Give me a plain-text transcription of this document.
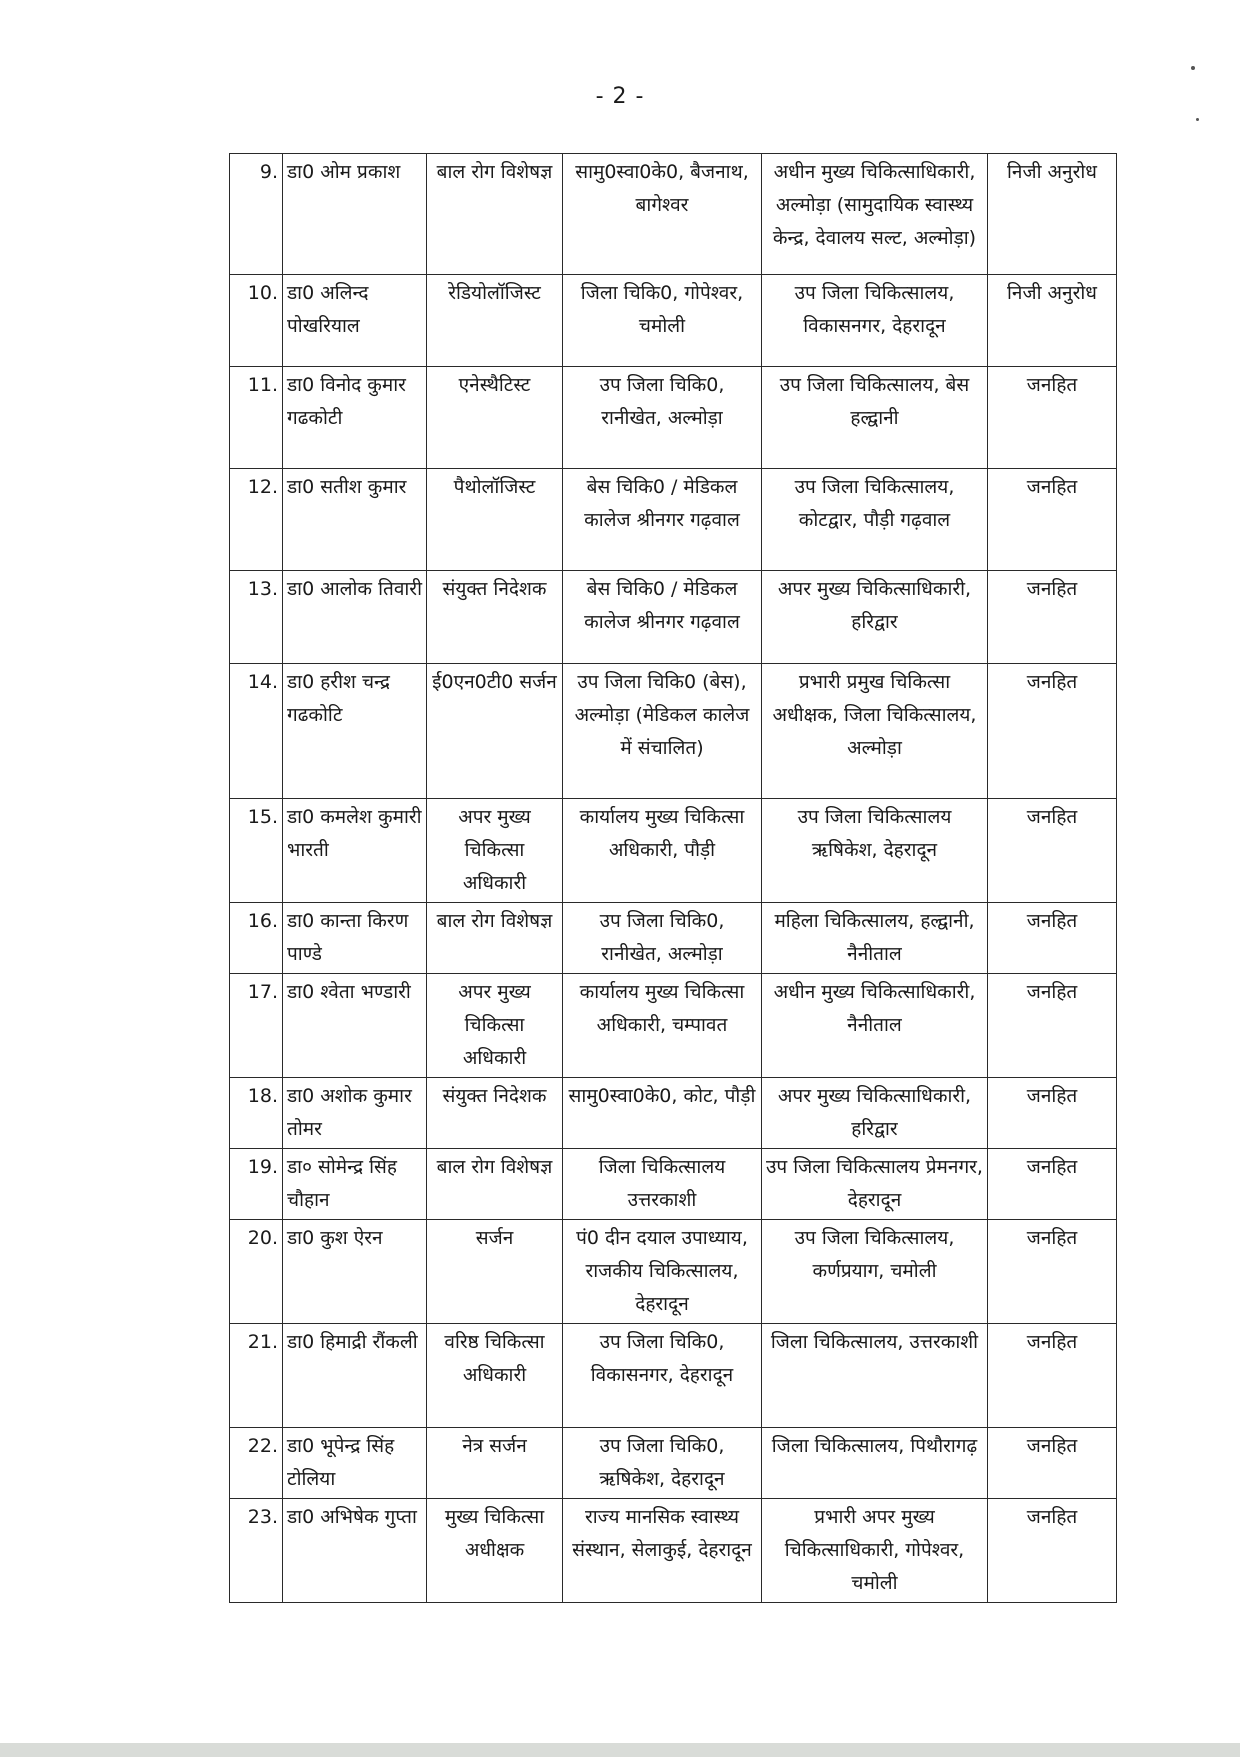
- 2 -
9.	डा0 ओम प्रकाश	बाल रोग विशेषज्ञ	सामु0स्वा0के0, बैजनाथ, बागेश्वर	अधीन मुख्य चिकित्साधिकारी, अल्मोड़ा (सामुदायिक स्वास्थ्य केन्द्र, देवालय सल्ट, अल्मोड़ा)	निजी अनुरोध
10.	डा0 अलिन्द पोखरियाल	रेडियोलॉजिस्ट	जिला चिकि0, गोपेश्वर, चमोली	उप जिला चिकित्सालय, विकासनगर, देहरादून	निजी अनुरोध
11.	डा0 विनोद कुमार गढकोटी	एनेस्थैटिस्ट	उप जिला चिकि0, रानीखेत, अल्मोड़ा	उप जिला चिकित्सालय, बेस हल्द्वानी	जनहित
12.	डा0 सतीश कुमार	पैथोलॉजिस्ट	बेस चिकि0 / मेडिकल कालेज श्रीनगर गढ़वाल	उप जिला चिकित्सालय, कोटद्वार, पौड़ी गढ़वाल	जनहित
13.	डा0 आलोक तिवारी	संयुक्त निदेशक	बेस चिकि0 / मेडिकल कालेज श्रीनगर गढ़वाल	अपर मुख्य चिकित्साधिकारी, हरिद्वार	जनहित
14.	डा0 हरीश चन्द्र गढकोटि	ई0एन0टी0 सर्जन	उप जिला चिकि0 (बेस), अल्मोड़ा (मेडिकल कालेज में संचालित)	प्रभारी प्रमुख चिकित्सा अधीक्षक, जिला चिकित्सालय, अल्मोड़ा	जनहित
15.	डा0 कमलेश कुमारी भारती	अपर मुख्य चिकित्सा अधिकारी	कार्यालय मुख्य चिकित्सा अधिकारी, पौड़ी	उप जिला चिकित्सालय ऋषिकेश, देहरादून	जनहित
16.	डा0 कान्ता किरण पाण्डे	बाल रोग विशेषज्ञ	उप जिला चिकि0, रानीखेत, अल्मोड़ा	महिला चिकित्सालय, हल्द्वानी, नैनीताल	जनहित
17.	डा0 श्वेता भण्डारी	अपर मुख्य चिकित्सा अधिकारी	कार्यालय मुख्य चिकित्सा अधिकारी, चम्पावत	अधीन मुख्य चिकित्साधिकारी, नैनीताल	जनहित
18.	डा0 अशोक कुमार तोमर	संयुक्त निदेशक	सामु0स्वा0के0, कोट, पौड़ी	अपर मुख्य चिकित्साधिकारी, हरिद्वार	जनहित
19.	डा० सोमेन्द्र सिंह चौहान	बाल रोग विशेषज्ञ	जिला चिकित्सालय उत्तरकाशी	उप जिला चिकित्सालय प्रेमनगर, देहरादून	जनहित
20.	डा0 कुश ऐरन	सर्जन	पं0 दीन दयाल उपाध्याय, राजकीय चिकित्सालय, देहरादून	उप जिला चिकित्सालय, कर्णप्रयाग, चमोली	जनहित
21.	डा0 हिमाद्री रौंकली	वरिष्ठ चिकित्सा अधिकारी	उप जिला चिकि0, विकासनगर, देहरादून	जिला चिकित्सालय, उत्तरकाशी	जनहित
22.	डा0 भूपेन्द्र सिंह टोलिया	नेत्र सर्जन	उप जिला चिकि0, ऋषिकेश, देहरादून	जिला चिकित्सालय, पिथौरागढ़	जनहित
23.	डा0 अभिषेक गुप्ता	मुख्य चिकित्सा अधीक्षक	राज्य मानसिक स्वास्थ्य संस्थान, सेलाकुई, देहरादून	प्रभारी अपर मुख्य चिकित्साधिकारी, गोपेश्वर, चमोली	जनहित
